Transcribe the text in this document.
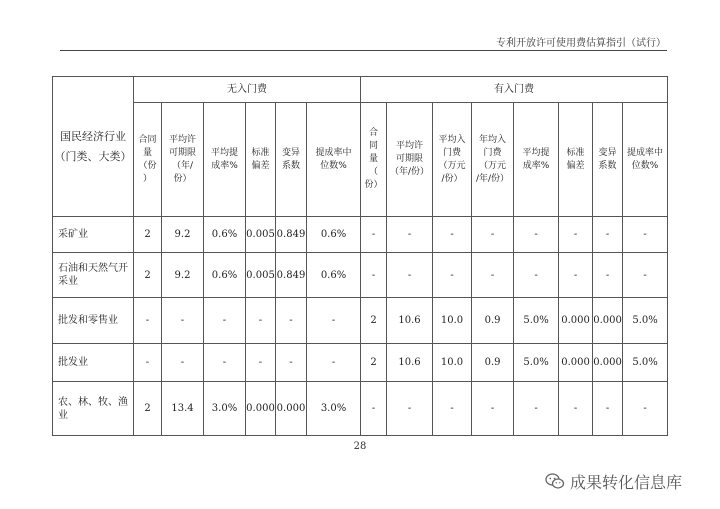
专利开放许可使用费估算指引（试行）
国民经济行业
（门类、大类）	无入门费						有入门费							

	合同
量
（份
）	平均许
可期限
（年/
份）	平均提
成率%	标准
偏差	变异
系数	提成率中
位数%	合
同
量
（
份）	平均许
可期限
（年/份）	平均入
门费
（万元
/份）	年均入
门费
（万元
/年/份）	平均提
成率%	标准
偏差	变异
系数	提成率中
位数%

采矿业	2	9.2	0.6%	0.005	0.849	0.6%	-	-	-	-	-	-	-	-

石油和天然气开
采业	2	9.2	0.6%	0.005	0.849	0.6%	-	-	-	-	-	-	-	-

批发和零售业	-	-	-	-	-	-	2	10.6	10.0	0.9	5.0%	0.000	0.000	5.0%

批发业	-	-	-	-	-	-	2	10.6	10.0	0.9	5.0%	0.000	0.000	5.0%

农、林、牧、渔
业	2	13.4	3.0%	0.000	0.000	3.0%	-	-	-	-	-	-	-	-
28
成果转化信息库
